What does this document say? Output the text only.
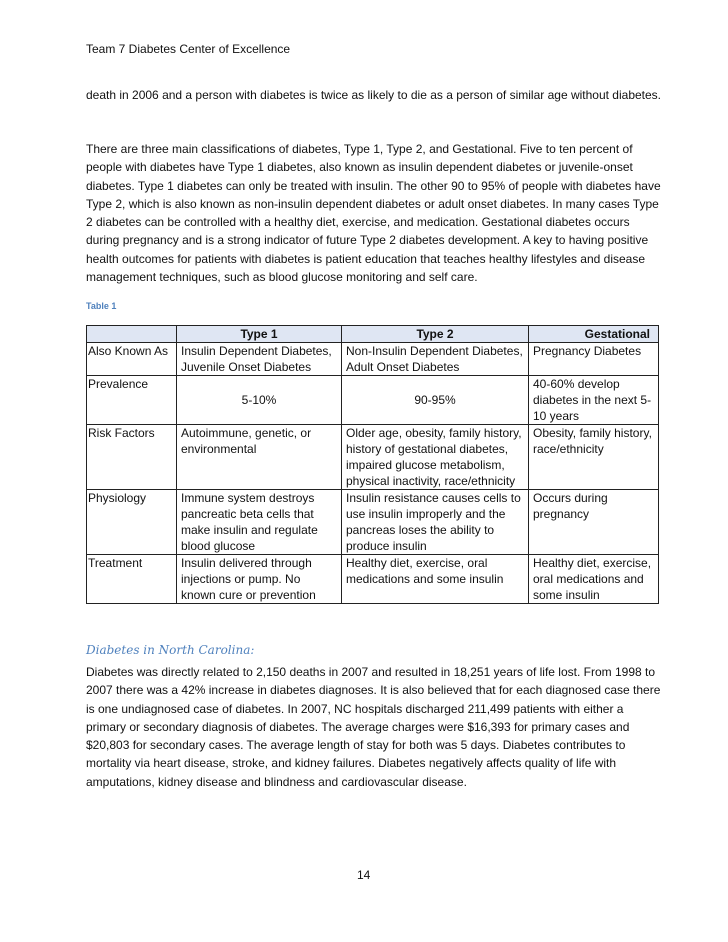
Team 7 Diabetes Center of Excellence

death in 2006 and a person with diabetes is twice as likely to die as a person of similar age without diabetes.

There are three main classifications of diabetes, Type 1, Type 2, and Gestational. Five to ten percent of people with diabetes have Type 1 diabetes, also known as insulin dependent diabetes or juvenile-onset diabetes. Type 1 diabetes can only be treated with insulin. The other 90 to 95% of people with diabetes have Type 2, which is also known as non-insulin dependent diabetes or adult onset diabetes. In many cases Type 2 diabetes can be controlled with a healthy diet, exercise, and medication. Gestational diabetes occurs during pregnancy and is a strong indicator of future Type 2 diabetes development. A key to having positive health outcomes for patients with diabetes is patient education that teaches healthy lifestyles and disease management techniques, such as blood glucose monitoring and self care.

Table 1
	Type 1	Type 2	Gestational
Also Known As	Insulin Dependent Diabetes, Juvenile Onset Diabetes	Non-Insulin Dependent Diabetes, Adult Onset Diabetes	Pregnancy Diabetes
Prevalence	5-10%	90-95%	40-60% develop diabetes in the next 5-10 years
Risk Factors	Autoimmune, genetic, or environmental	Older age, obesity, family history, history of gestational diabetes, impaired glucose metabolism, physical inactivity, race/ethnicity	Obesity, family history, race/ethnicity
Physiology	Immune system destroys pancreatic beta cells that make insulin and regulate blood glucose	Insulin resistance causes cells to use insulin improperly and the pancreas loses the ability to produce insulin	Occurs during pregnancy
Treatment	Insulin delivered through injections or pump. No known cure or prevention	Healthy diet, exercise, oral medications and some insulin	Healthy diet, exercise, oral medications and some insulin
Diabetes in North Carolina:

Diabetes was directly related to 2,150 deaths in 2007 and resulted in 18,251 years of life lost. From 1998 to 2007 there was a 42% increase in diabetes diagnoses. It is also believed that for each diagnosed case there is one undiagnosed case of diabetes. In 2007, NC hospitals discharged 211,499 patients with either a primary or secondary diagnosis of diabetes. The average charges were $16,393 for primary cases and $20,803 for secondary cases. The average length of stay for both was 5 days. Diabetes contributes to mortality via heart disease, stroke, and kidney failures. Diabetes negatively affects quality of life with amputations, kidney disease and blindness and cardiovascular disease.

14
